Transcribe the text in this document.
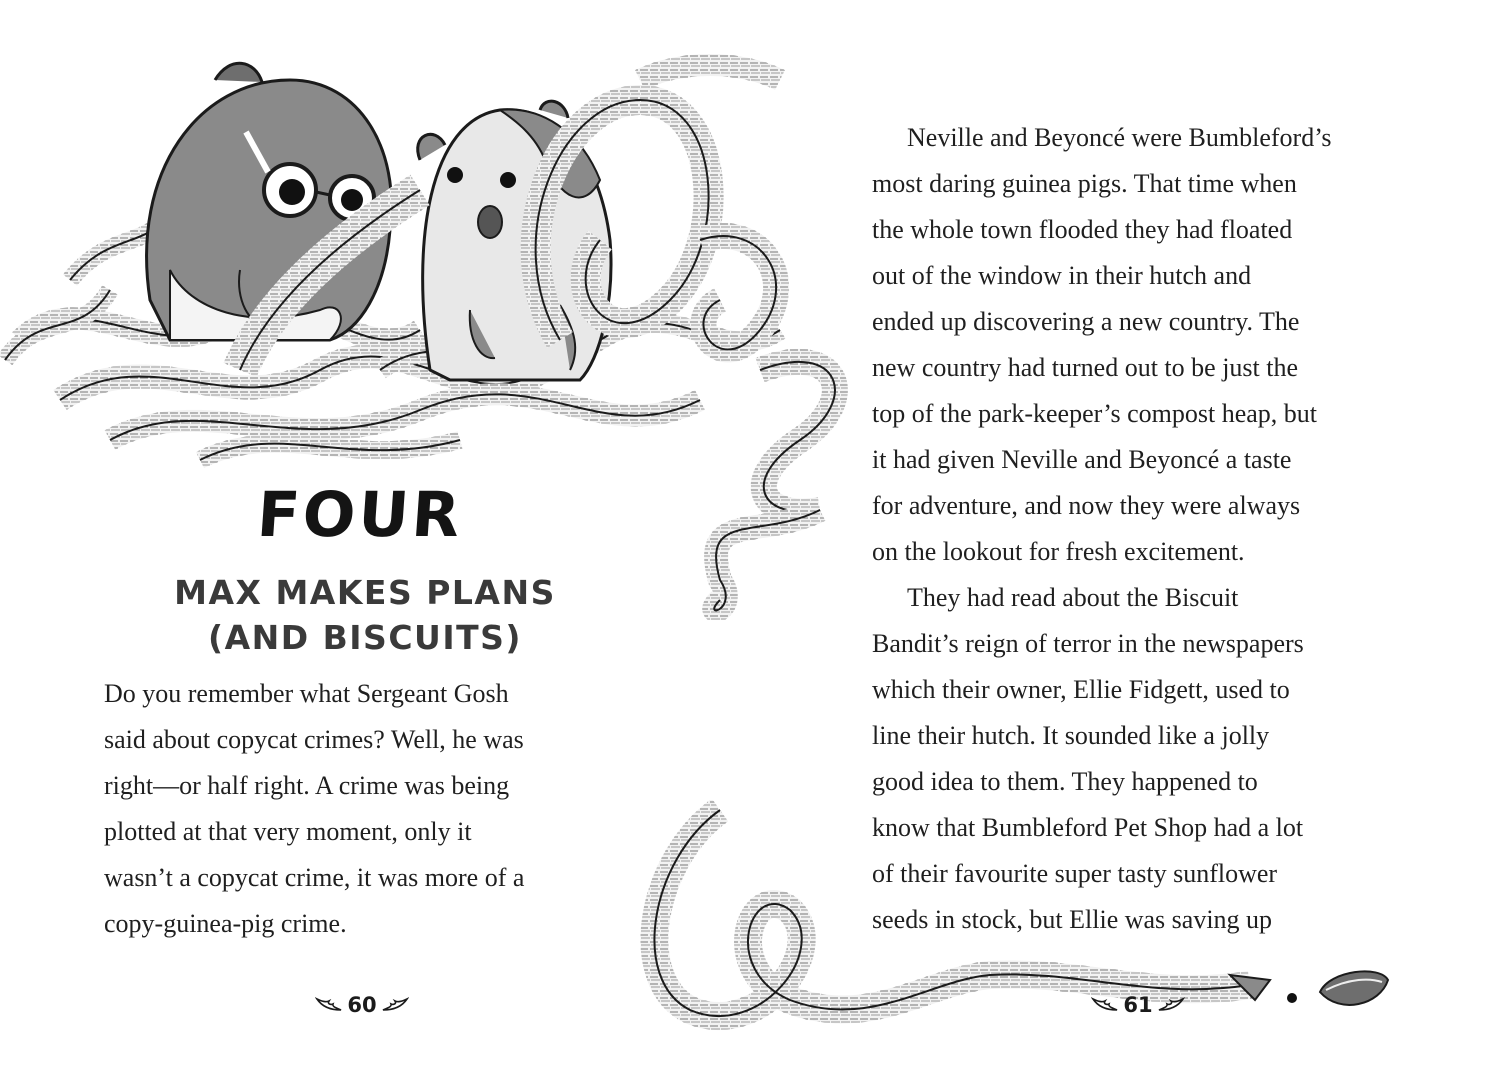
FOUR
MAX MAKES PLANS
(AND BISCUITS)
Do you remember what Sergeant Gosh
said about copycat crimes? Well, he was
right—or half right. A crime was being
plotted at that very moment, only it
wasn’t a copycat crime, it was more of a
copy-guinea-pig crime.
Neville and Beyoncé were Bumbleford’s
most daring guinea pigs. That time when
the whole town flooded they had floated
out of the window in their hutch and
ended up discovering a new country. The
new country had turned out to be just the
top of the park-keeper’s compost heap, but
it had given Neville and Beyoncé a taste
for adventure, and now they were always
on the lookout for fresh excitement.
They had read about the Biscuit
Bandit’s reign of terror in the newspapers
which their owner, Ellie Fidgett, used to
line their hutch. It sounded like a jolly
good idea to them. They happened to
know that Bumbleford Pet Shop had a lot
of their favourite super tasty sunflower
seeds in stock, but Ellie was saving up
60	61
